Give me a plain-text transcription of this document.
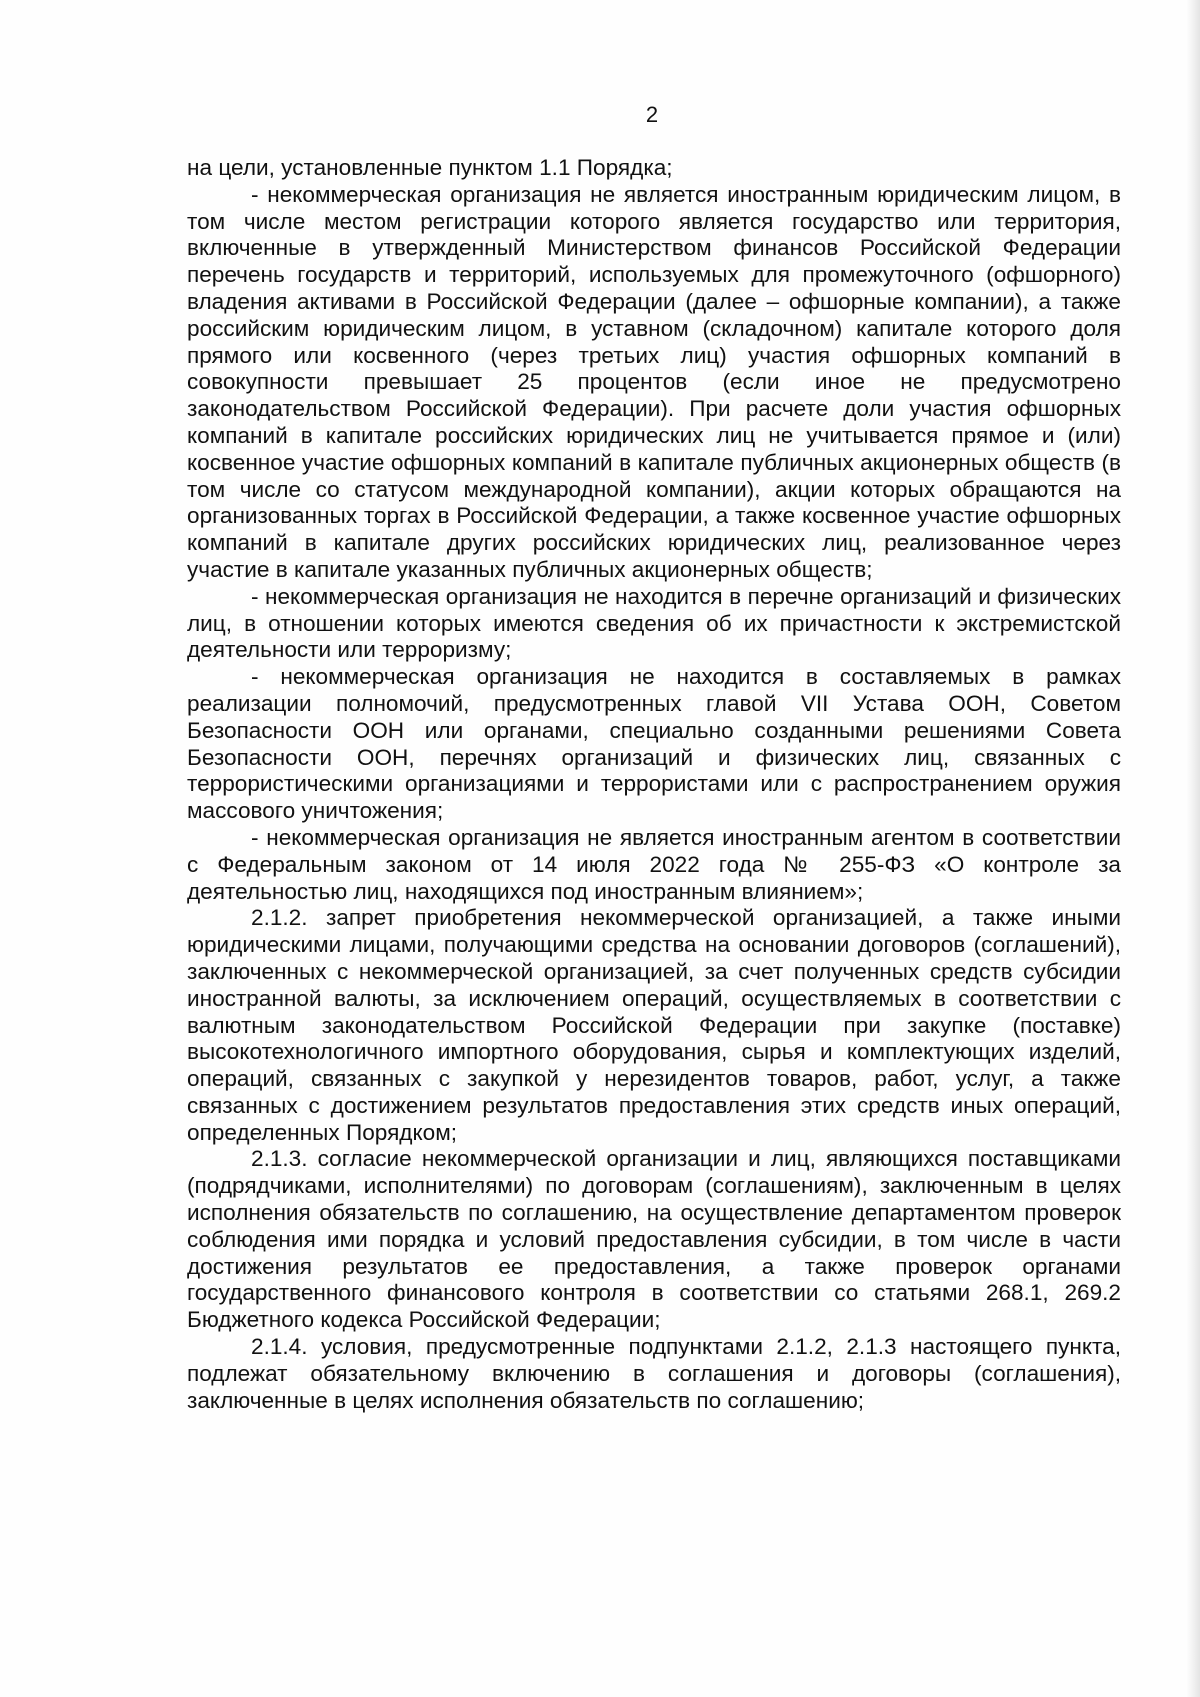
2

на цели, установленные пунктом 1.1 Порядка;

- некоммерческая организация не является иностранным юридическим лицом, в том числе местом регистрации которого является государство или территория, включенные в утвержденный Министерством финансов Российской Федерации перечень государств и территорий, используемых для промежуточного (офшорного) владения активами в Российской Федерации (далее – офшорные компании), а также российским юридическим лицом, в уставном (складочном) капитале которого доля прямого или косвенного (через третьих лиц) участия офшорных компаний в совокупности превышает 25 процентов (если иное не предусмотрено законодательством Российской Федерации). При расчете доли участия офшорных компаний в капитале российских юридических лиц не учитывается прямое и (или) косвенное участие офшорных компаний в капитале публичных акционерных обществ (в том числе со статусом международной компании), акции которых обращаются на организованных торгах в Российской Федерации, а также косвенное участие офшорных компаний в капитале других российских юридических лиц, реализованное через участие в капитале указанных публичных акционерных обществ;

- некоммерческая организация не находится в перечне организаций и физических лиц, в отношении которых имеются сведения об их причастности к экстремистской деятельности или терроризму;

- некоммерческая организация не находится в составляемых в рамках реализации полномочий, предусмотренных главой VII Устава ООН, Советом Безопасности ООН или органами, специально созданными решениями Совета Безопасности ООН, перечнях организаций и физических лиц, связанных с террористическими организациями и террористами или с распространением оружия массового уничтожения;

- некоммерческая организация не является иностранным агентом в соответствии с Федеральным законом от 14 июля 2022 года № 255-ФЗ «О контроле за деятельностью лиц, находящихся под иностранным влиянием»;

2.1.2. запрет приобретения некоммерческой организацией, а также иными юридическими лицами, получающими средства на основании договоров (соглашений), заключенных с некоммерческой организацией, за счет полученных средств субсидии иностранной валюты, за исключением операций, осуществляемых в соответствии с валютным законодательством Российской Федерации при закупке (поставке) высокотехнологичного импортного оборудования, сырья и комплектующих изделий, операций, связанных с закупкой у нерезидентов товаров, работ, услуг, а также связанных с достижением результатов предоставления этих средств иных операций, определенных Порядком;

2.1.3. согласие некоммерческой организации и лиц, являющихся поставщиками (подрядчиками, исполнителями) по договорам (соглашениям), заключенным в целях исполнения обязательств по соглашению, на осуществление департаментом проверок соблюдения ими порядка и условий предоставления субсидии, в том числе в части достижения результатов ее предоставления, а также проверок органами государственного финансового контроля в соответствии со статьями 268.1, 269.2 Бюджетного кодекса Российской Федерации;

2.1.4. условия, предусмотренные подпунктами 2.1.2, 2.1.3 настоящего пункта, подлежат обязательному включению в соглашения и договоры (соглашения), заключенные в целях исполнения обязательств по соглашению;
